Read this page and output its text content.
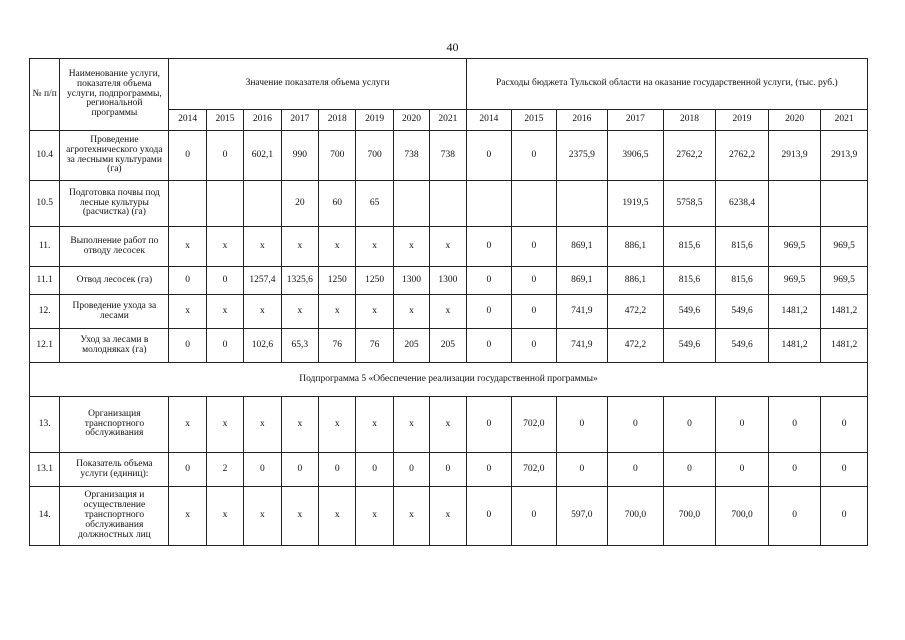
40
№ п/п	Наименование услуги, показателя объема услуги, подпрограммы, региональной программы	Значение показателя объема услуги								Расходы бюджета Тульской области на оказание государственной услуги, (тыс. руб.)							
		2014	2015	2016	2017	2018	2019	2020	2021	2014	2015	2016	2017	2018	2019	2020	2021
10.4	Проведение агротехнического ухода за лесными культурами (га)	0	0	602,1	990	700	700	738	738	0	0	2375,9	3906,5	2762,2	2762,2	2913,9	2913,9
10.5	Подготовка почвы под лесные культуры (расчистка) (га)				20	60	65						1919,5	5758,5	6238,4		
11.	Выполнение работ по отводу лесосек	x	x	x	x	x	x	x	x	0	0	869,1	886,1	815,6	815,6	969,5	969,5
11.1	Отвод лесосек (га)	0	0	1257,4	1325,6	1250	1250	1300	1300	0	0	869,1	886,1	815,6	815,6	969,5	969,5
12.	Проведение ухода за лесами	x	x	x	x	x	x	x	x	0	0	741,9	472,2	549,6	549,6	1481,2	1481,2
12.1	Уход за лесами в молодняках (га)	0	0	102,6	65,3	76	76	205	205	0	0	741,9	472,2	549,6	549,6	1481,2	1481,2
Подпрограмма 5 «Обеспечение реализации государственной программы»																	
13.	Организация транспортного обслуживания	x	x	x	x	x	x	x	x	0	702,0	0	0	0	0	0	0
13.1	Показатель объема услуги (единиц):	0	2	0	0	0	0	0	0	0	702,0	0	0	0	0	0	0
14.	Организация и осуществление транспортного обслуживания должностных лиц	x	x	x	x	x	x	x	x	0	0	597,0	700,0	700,0	700,0	0	0
